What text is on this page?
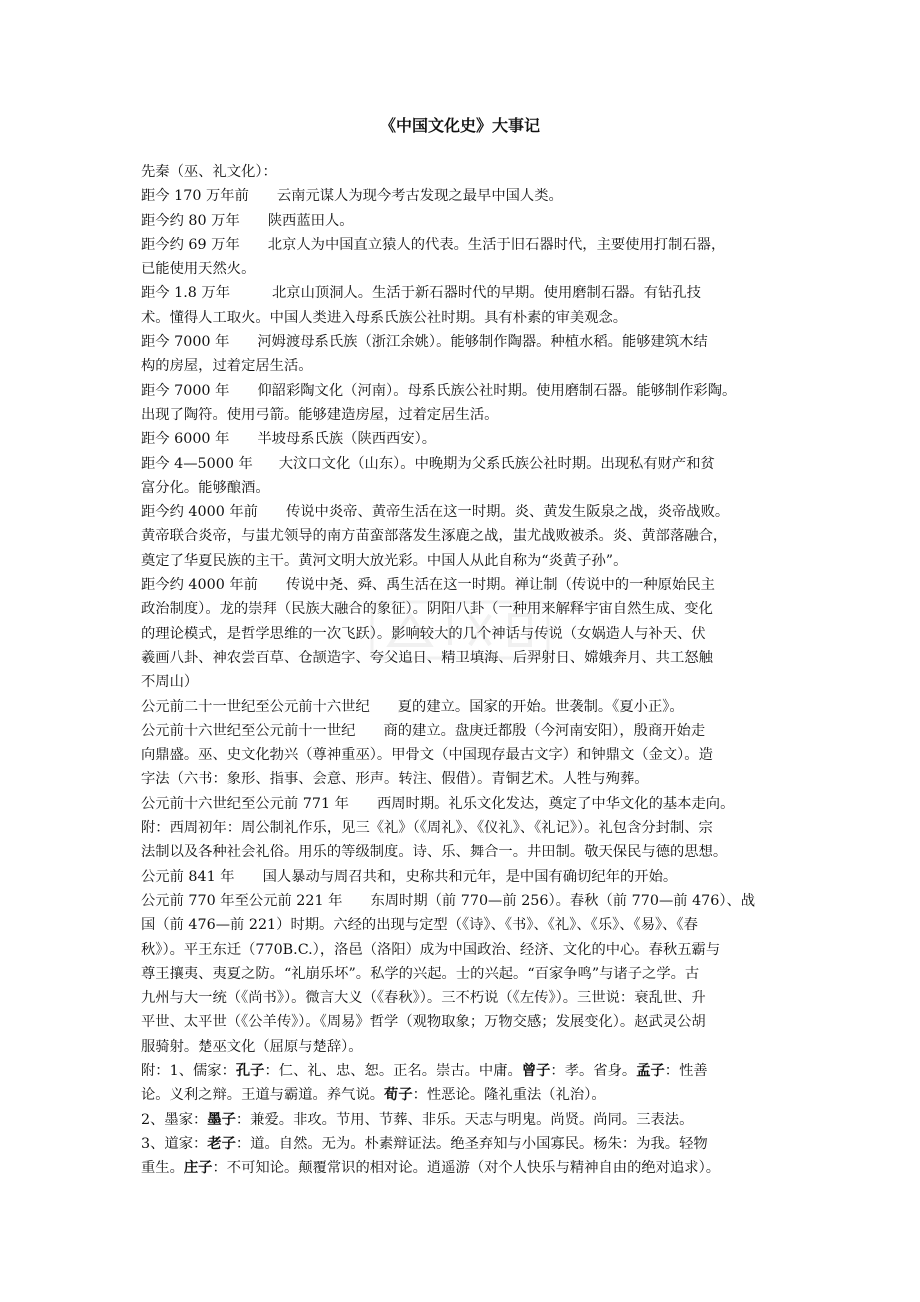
《中国文化史》大事记
先秦（巫、礼文化）：
距今 170 万年前 云南元谋人为现今考古发现之最早中国人类。
距今约 80 万年 陕西蓝田人。
距今约 69 万年 北京人为中国直立猿人的代表。生活于旧石器时代，主要使用打制石器，
已能使用天然火。
距今 1.8 万年	北京山顶洞人。生活于新石器时代的早期。使用磨制石器。有钻孔技
术。懂得人工取火。中国人类进入母系氏族公社时期。具有朴素的审美观念。
距今 7000 年 河姆渡母系氏族（浙江余姚）。能够制作陶器。种植水稻。能够建筑木结
构的房屋，过着定居生活。
距今 7000 年 仰韶彩陶文化（河南）。母系氏族公社时期。使用磨制石器。能够制作彩陶。
出现了陶符。使用弓箭。能够建造房屋，过着定居生活。
距今 6000 年 半坡母系氏族（陕西西安）。
距今 4—5000 年 大汶口文化（山东）。中晚期为父系氏族公社时期。出现私有财产和贫
富分化。能够酿酒。
距今约 4000 年前 传说中炎帝、黄帝生活在这一时期。炎、黄发生阪泉之战，炎帝战败。
黄帝联合炎帝，与蚩尤领导的南方苗蛮部落发生涿鹿之战，蚩尤战败被杀。炎、黄部落融合，
奠定了华夏民族的主干。黄河文明大放光彩。中国人从此自称为“炎黄子孙”。
距今约 4000 年前 传说中尧、舜、禹生活在这一时期。禅让制（传说中的一种原始民主
政治制度）。龙的崇拜（民族大融合的象征）。阴阳八卦（一种用来解释宇宙自然生成、变化
的理论模式，是哲学思维的一次飞跃）。影响较大的几个神话与传说（女娲造人与补天、伏
羲画八卦、神农尝百草、仓颉造字、夸父追日、精卫填海、后羿射日、嫦娥奔月、共工怒触
不周山）
公元前二十一世纪至公元前十六世纪 夏的建立。国家的开始。世袭制。《夏小正》。
公元前十六世纪至公元前十一世纪 商的建立。盘庚迁都殷（今河南安阳），殷商开始走
向鼎盛。巫、史文化勃兴（尊神重巫）。甲骨文（中国现存最古文字）和钟鼎文（金文）。造
字法（六书：象形、指事、会意、形声。转注、假借）。青铜艺术。人牲与殉葬。
公元前十六世纪至公元前 771 年 西周时期。礼乐文化发达，奠定了中华文化的基本走向。
附：西周初年：周公制礼作乐，见三《礼》（《周礼》、《仪礼》、《礼记》）。礼包含分封制、宗
法制以及各种社会礼俗。用乐的等级制度。诗、乐、舞合一。井田制。敬天保民与德的思想。
公元前 841 年 国人暴动与周召共和，史称共和元年，是中国有确切纪年的开始。
公元前 770 年至公元前 221 年 东周时期（前 770—前 256）。春秋（前 770—前 476）、战
国（前 476—前 221）时期。六经的出现与定型（《诗》、《书》、《礼》、《乐》、《易》、《春
秋》）。平王东迁（770B.C.），洛邑（洛阳）成为中国政治、经济、文化的中心。春秋五霸与
尊王攘夷、夷夏之防。“礼崩乐坏”。私学的兴起。士的兴起。“百家争鸣”与诸子之学。古
九州与大一统（《尚书》）。微言大义（《春秋》）。三不朽说（《左传》）。三世说：衰乱世、升
平世、太平世（《公羊传》）。《周易》哲学（观物取象；万物交感；发展变化）。赵武灵公胡
服骑射。楚巫文化（屈原与楚辞）。
附：1、儒家：孔子：仁、礼、忠、恕。正名。崇古。中庸。曾子：孝。省身。孟子：性善
论。义利之辩。王道与霸道。养气说。荀子：性恶论。隆礼重法（礼治）。
2、墨家：墨子：兼爱。非攻。节用、节葬、非乐。天志与明鬼。尚贤。尚同。三表法。
3、道家：老子：道。自然。无为。朴素辩证法。绝圣弃知与小国寡民。杨朱：为我。轻物
重生。庄子：不可知论。颠覆常识的相对论。逍遥游（对个人快乐与精神自由的绝对追求）。
